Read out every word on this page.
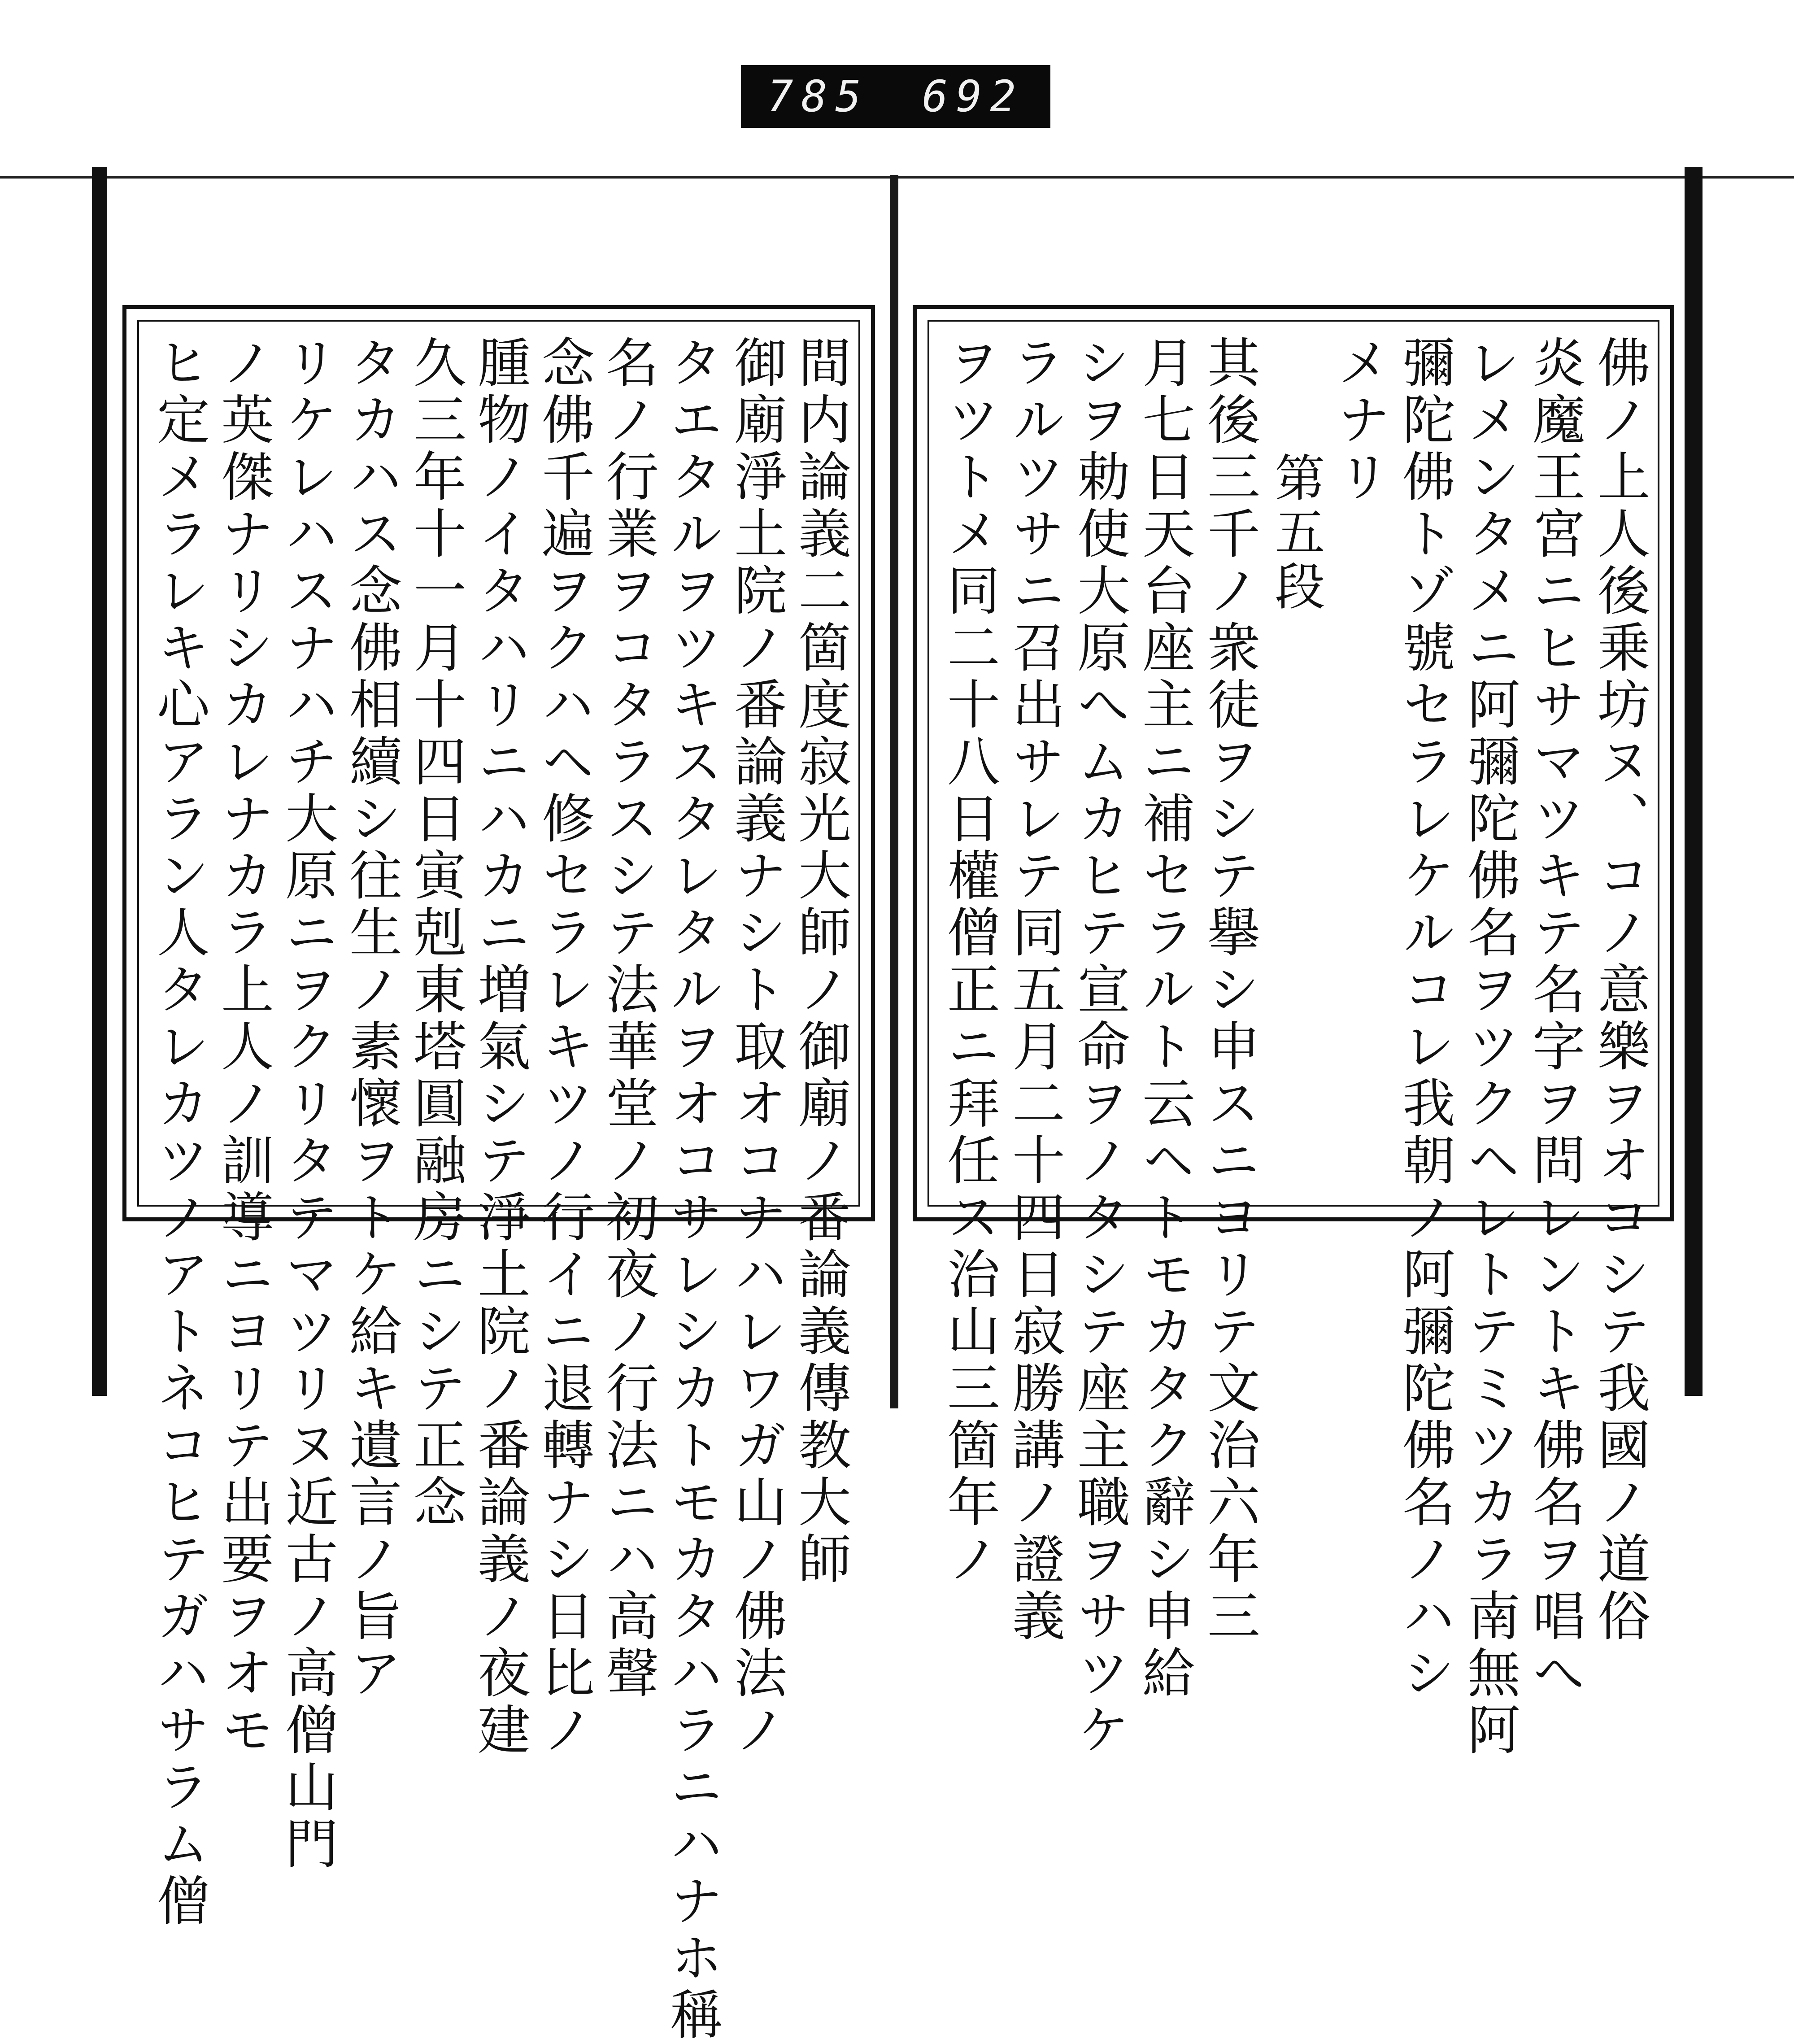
785 692
間内論義二箇度寂光大師ノ御廟ノ番論義傳教大師
御廟淨土院ノ番論義ナシト取オコナハレワガ山ノ佛法ノ
タエタルヲツキスタレタルヲオコサレシカトモカタハラニハナホ稱
名ノ行業ヲコタラスシテ法華堂ノ初夜ノ行法ニハ高聲
念佛千遍ヲクハヘ修セラレキツノ行イニ退轉ナシ日比ノ
腫物ノイタハリニハカニ増氣シテ淨土院ノ番論義ノ夜建
久三年十一月十四日寅剋東塔圓融房ニシテ正念
タカハス念佛相續シ往生ノ素懷ヲトケ給キ遺言ノ旨ア
リケレハスナハチ大原ニヲクリタテマツリヌ近古ノ高僧山門
ノ英傑ナリシカレナカラ上人ノ訓導ニヨリテ出要ヲオモ
ヒ定メラレキ心アラン人タレカツノアトネコヒテガハサラム僧	佛ノ上人後乗坊ヌ、コノ意樂ヲオコシテ我國ノ道俗
炎魔王宮ニヒサマツキテ名字ヲ問レントキ佛名ヲ唱へ
レメンタメニ阿彌陀佛名ヲツクヘレトテミツカラ南無阿
彌陀佛トゾ號セラレケルコレ我朝ノ阿彌陀佛名ノハシ
メナリ
第五段
其後三千ノ衆徒ヲシテ擧シ申スニヨリテ文治六年三
月七日天台座主ニ補セラルト云ヘトモカタク辭シ申給
シヲ勅使大原へムカヒテ宣命ヲノタシテ座主職ヲサツケ
ラルツサニ召出サレテ同五月二十四日寂勝講ノ證義
ヲツトメ同二十八日權僧正ニ拜任ス治山三箇年ノ
